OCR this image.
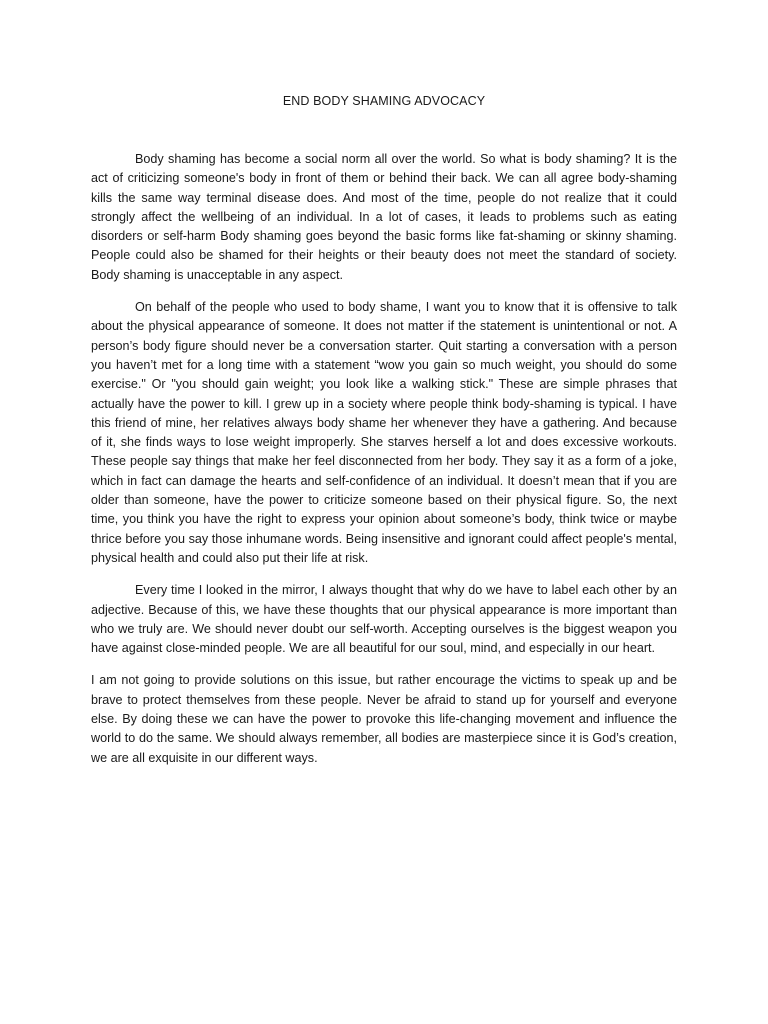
END BODY SHAMING ADVOCACY

Body shaming has become a social norm all over the world. So what is body shaming? It is the act of criticizing someone's body in front of them or behind their back. We can all agree body-shaming kills the same way terminal disease does. And most of the time, people do not realize that it could strongly affect the wellbeing of an individual. In a lot of cases, it leads to problems such as eating disorders or self-harm Body shaming goes beyond the basic forms like fat-shaming or skinny shaming. People could also be shamed for their heights or their beauty does not meet the standard of society. Body shaming is unacceptable in any aspect.

On behalf of the people who used to body shame, I want you to know that it is offensive to talk about the physical appearance of someone. It does not matter if the statement is unintentional or not. A person’s body figure should never be a conversation starter. Quit starting a conversation with a person you haven’t met for a long time with a statement “wow you gain so much weight, you should do some exercise." Or "you should gain weight; you look like a walking stick." These are simple phrases that actually have the power to kill. I grew up in a society where people think body-shaming is typical. I have this friend of mine, her relatives always body shame her whenever they have a gathering. And because of it, she finds ways to lose weight improperly. She starves herself a lot and does excessive workouts. These people say things that make her feel disconnected from her body. They say it as a form of a joke, which in fact can damage the hearts and self-confidence of an individual. It doesn’t mean that if you are older than someone, have the power to criticize someone based on their physical figure. So, the next time, you think you have the right to express your opinion about someone’s body, think twice or maybe thrice before you say those inhumane words. Being insensitive and ignorant could affect people's mental, physical health and could also put their life at risk.

Every time I looked in the mirror, I always thought that why do we have to label each other by an adjective. Because of this, we have these thoughts that our physical appearance is more important than who we truly are. We should never doubt our self-worth. Accepting ourselves is the biggest weapon you have against close-minded people. We are all beautiful for our soul, mind, and especially in our heart.

I am not going to provide solutions on this issue, but rather encourage the victims to speak up and be brave to protect themselves from these people. Never be afraid to stand up for yourself and everyone else. By doing these we can have the power to provoke this life-changing movement and influence the world to do the same. We should always remember, all bodies are masterpiece since it is God’s creation, we are all exquisite in our different ways.
